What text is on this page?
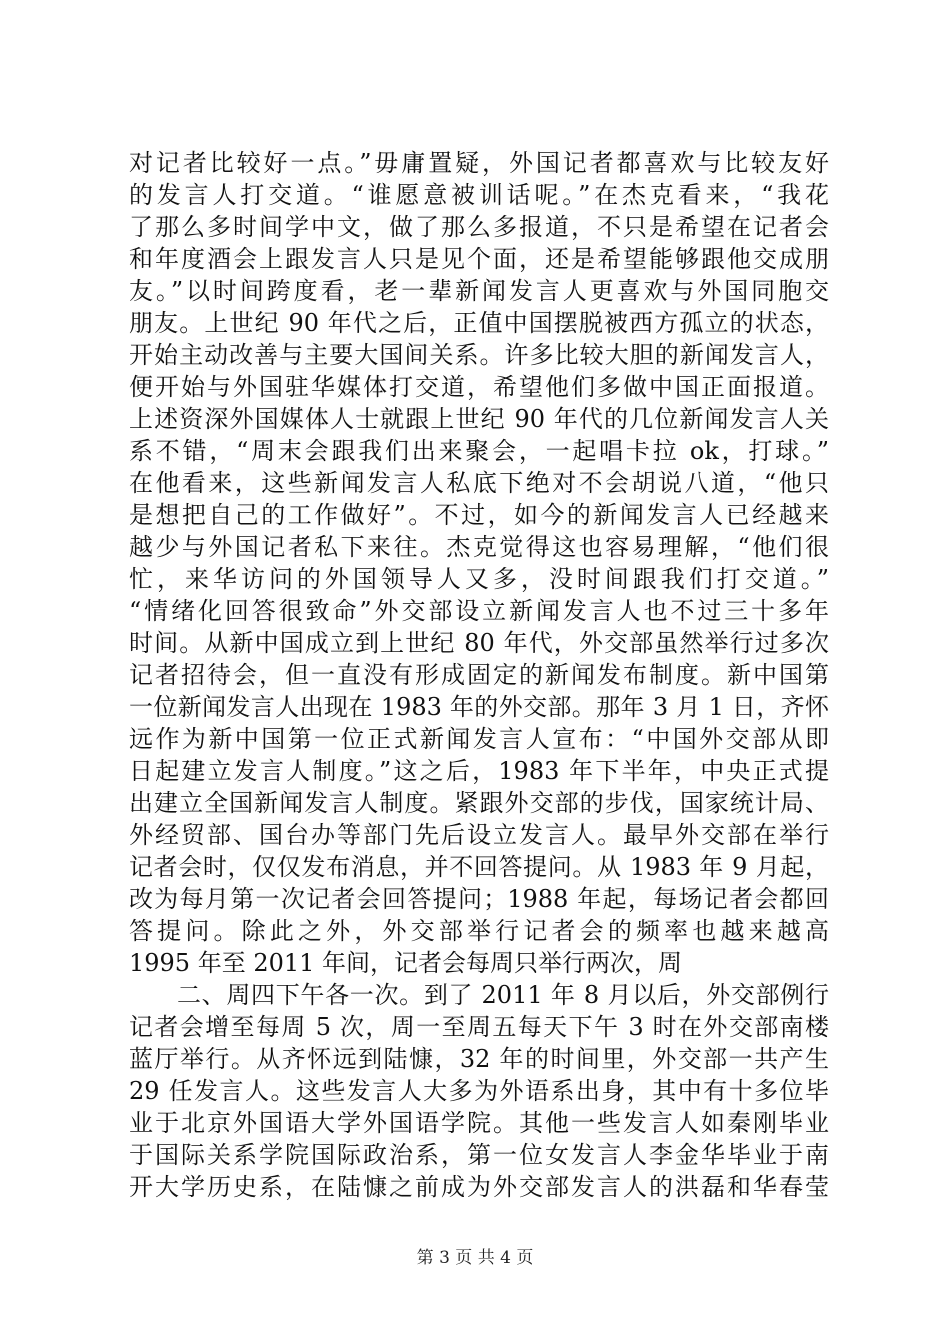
对记者比较好一点。”毋庸置疑，外国记者都喜欢与比较友好
的发言人打交道。“谁愿意被训话呢。”在杰克看来，“我花
了那么多时间学中文，做了那么多报道，不只是希望在记者会
和年度酒会上跟发言人只是见个面，还是希望能够跟他交成朋
友。”以时间跨度看，老一辈新闻发言人更喜欢与外国同胞交
朋友。上世纪 90 年代之后，正值中国摆脱被西方孤立的状态，
开始主动改善与主要大国间关系。许多比较大胆的新闻发言人，
便开始与外国驻华媒体打交道，希望他们多做中国正面报道。
上述资深外国媒体人士就跟上世纪 90 年代的几位新闻发言人关
系不错，“周末会跟我们出来聚会，一起唱卡拉 ok，打球。”
在他看来，这些新闻发言人私底下绝对不会胡说八道，“他只
是想把自己的工作做好”。不过，如今的新闻发言人已经越来
越少与外国记者私下来往。杰克觉得这也容易理解，“他们很
忙，来华访问的外国领导人又多，没时间跟我们打交道。”
“情绪化回答很致命”外交部设立新闻发言人也不过三十多年
时间。从新中国成立到上世纪 80 年代，外交部虽然举行过多次
记者招待会，但一直没有形成固定的新闻发布制度。新中国第
一位新闻发言人出现在 1983 年的外交部。那年 3 月 1 日，齐怀
远作为新中国第一位正式新闻发言人宣布：“中国外交部从即
日起建立发言人制度。”这之后，1983 年下半年，中央正式提
出建立全国新闻发言人制度。紧跟外交部的步伐，国家统计局、
外经贸部、国台办等部门先后设立发言人。最早外交部在举行
记者会时，仅仅发布消息，并不回答提问。从 1983 年 9 月起，
改为每月第一次记者会回答提问；1988 年起，每场记者会都回
答提问。除此之外，外交部举行记者会的频率也越来越高
1995 年至 2011 年间，记者会每周只举行两次，周
二、周四下午各一次。到了 2011 年 8 月以后，外交部例行
记者会增至每周 5 次，周一至周五每天下午 3 时在外交部南楼
蓝厅举行。从齐怀远到陆慷，32 年的时间里，外交部一共产生
29 任发言人。这些发言人大多为外语系出身，其中有十多位毕
业于北京外国语大学外国语学院。其他一些发言人如秦刚毕业
于国际关系学院国际政治系，第一位女发言人李金华毕业于南
开大学历史系，在陆慷之前成为外交部发言人的洪磊和华春莹
第 3 页 共 4 页
